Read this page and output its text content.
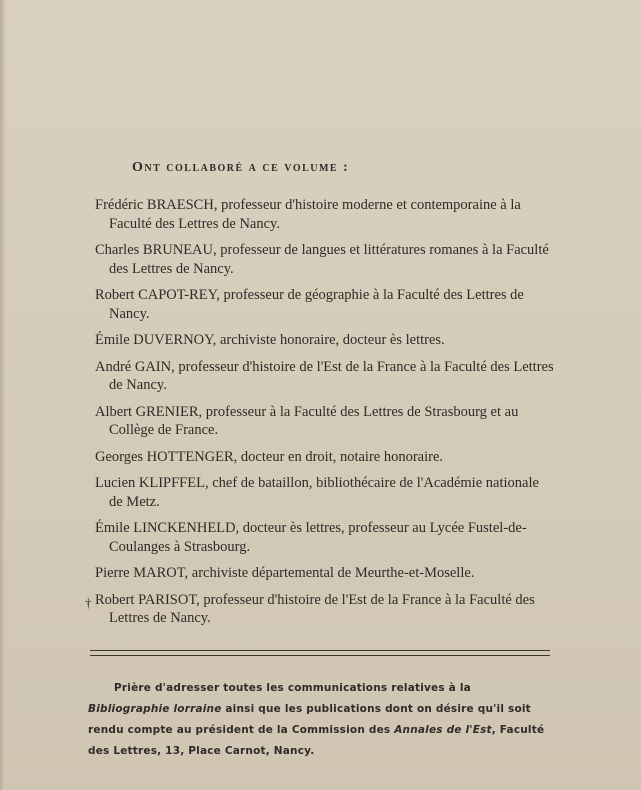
Ont collaboré a ce volume :
Frédéric BRAESCH, professeur d'histoire moderne et contemporaine à la Faculté des Lettres de Nancy.
Charles BRUNEAU, professeur de langues et littératures romanes à la Faculté des Lettres de Nancy.
Robert CAPOT-REY, professeur de géographie à la Faculté des Lettres de Nancy.
Émile DUVERNOY, archiviste honoraire, docteur ès lettres.
André GAIN, professeur d'histoire de l'Est de la France à la Faculté des Lettres de Nancy.
Albert GRENIER, professeur à la Faculté des Lettres de Strasbourg et au Collège de France.
Georges HOTTENGER, docteur en droit, notaire honoraire.
Lucien KLIPFFEL, chef de bataillon, bibliothécaire de l'Académie nationale de Metz.
Émile LINCKENHELD, docteur ès lettres, professeur au Lycée Fustel-de-Coulanges à Strasbourg.
Pierre MAROT, archiviste départemental de Meurthe-et-Moselle.
† Robert PARISOT, professeur d'histoire de l'Est de la France à la Faculté des Lettres de Nancy.

Prière d'adresser toutes les communications relatives à la Bibliographie lorraine ainsi que les publications dont on désire qu'il soit rendu compte au président de la Commission des Annales de l'Est, Faculté des Lettres, 13, Place Carnot, Nancy.
